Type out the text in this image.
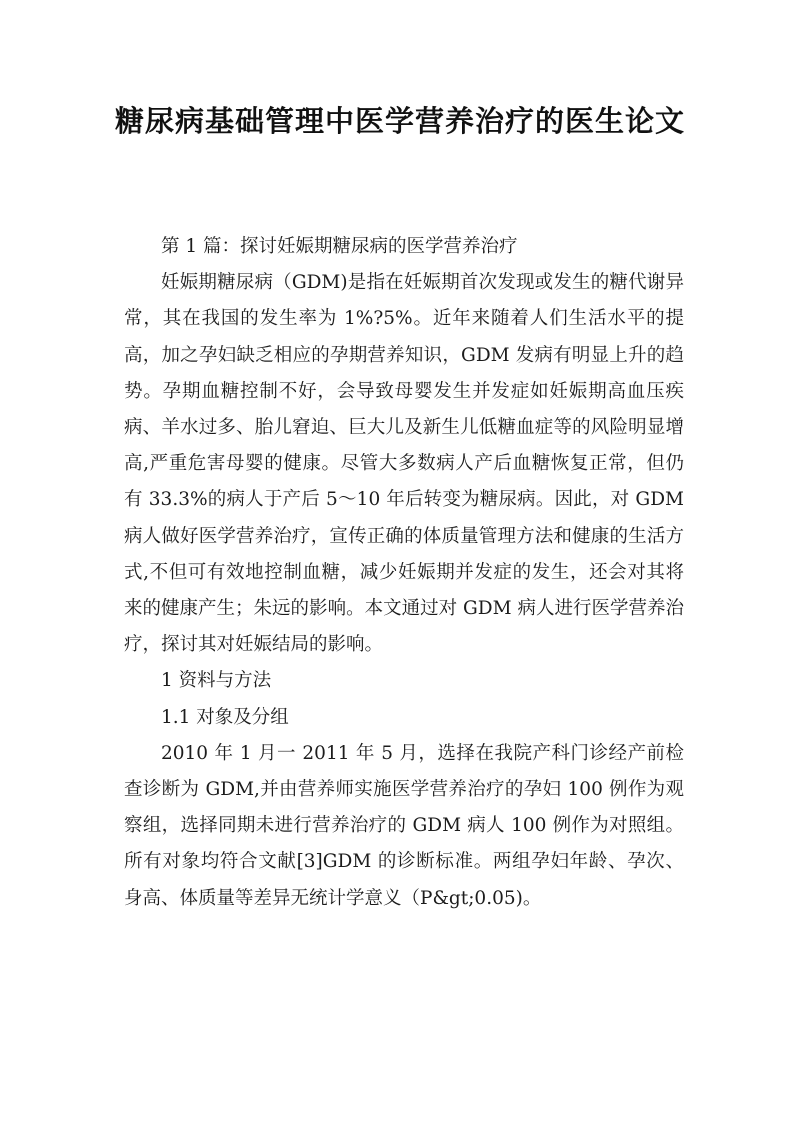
糖尿病基础管理中医学营养治疗的医生论文
第 1 篇：探讨妊娠期糖尿病的医学营养治疗
妊娠期糖尿病（GDM)是指在妊娠期首次发现或发生的糖代谢异常，其在我国的发生率为 1%?5%。近年来随着人们生活水平的提高，加之孕妇缺乏相应的孕期营养知识，GDM 发病有明显上升的趋势。孕期血糖控制不好，会导致母婴发生并发症如妊娠期高血压疾病、羊水过多、胎儿窘迫、巨大儿及新生儿低糖血症等的风险明显增高,严重危害母婴的健康。尽管大多数病人产后血糖恢复正常，但仍有 33.3%的病人于产后 5～10 年后转变为糖尿病。因此，对 GDM 病人做好医学营养治疗，宣传正确的体质量管理方法和健康的生活方式,不但可有效地控制血糖，减少妊娠期并发症的发生，还会对其将来的健康产生；朱远的影响。本文通过对 GDM 病人进行医学营养治疗，探讨其对妊娠结局的影响。
1 资料与方法
1.1 对象及分组
2010 年 1 月一 2011 年 5 月，选择在我院产科门诊经产前检查诊断为 GDM,并由营养师实施医学营养治疗的孕妇 100 例作为观察组，选择同期未进行营养治疗的 GDM 病人 100 例作为对照组。所有对象均符合文献[3]GDM 的诊断标准。两组孕妇年龄、孕次、身高、体质量等差异无统计学意义（P&gt;0.05)。
